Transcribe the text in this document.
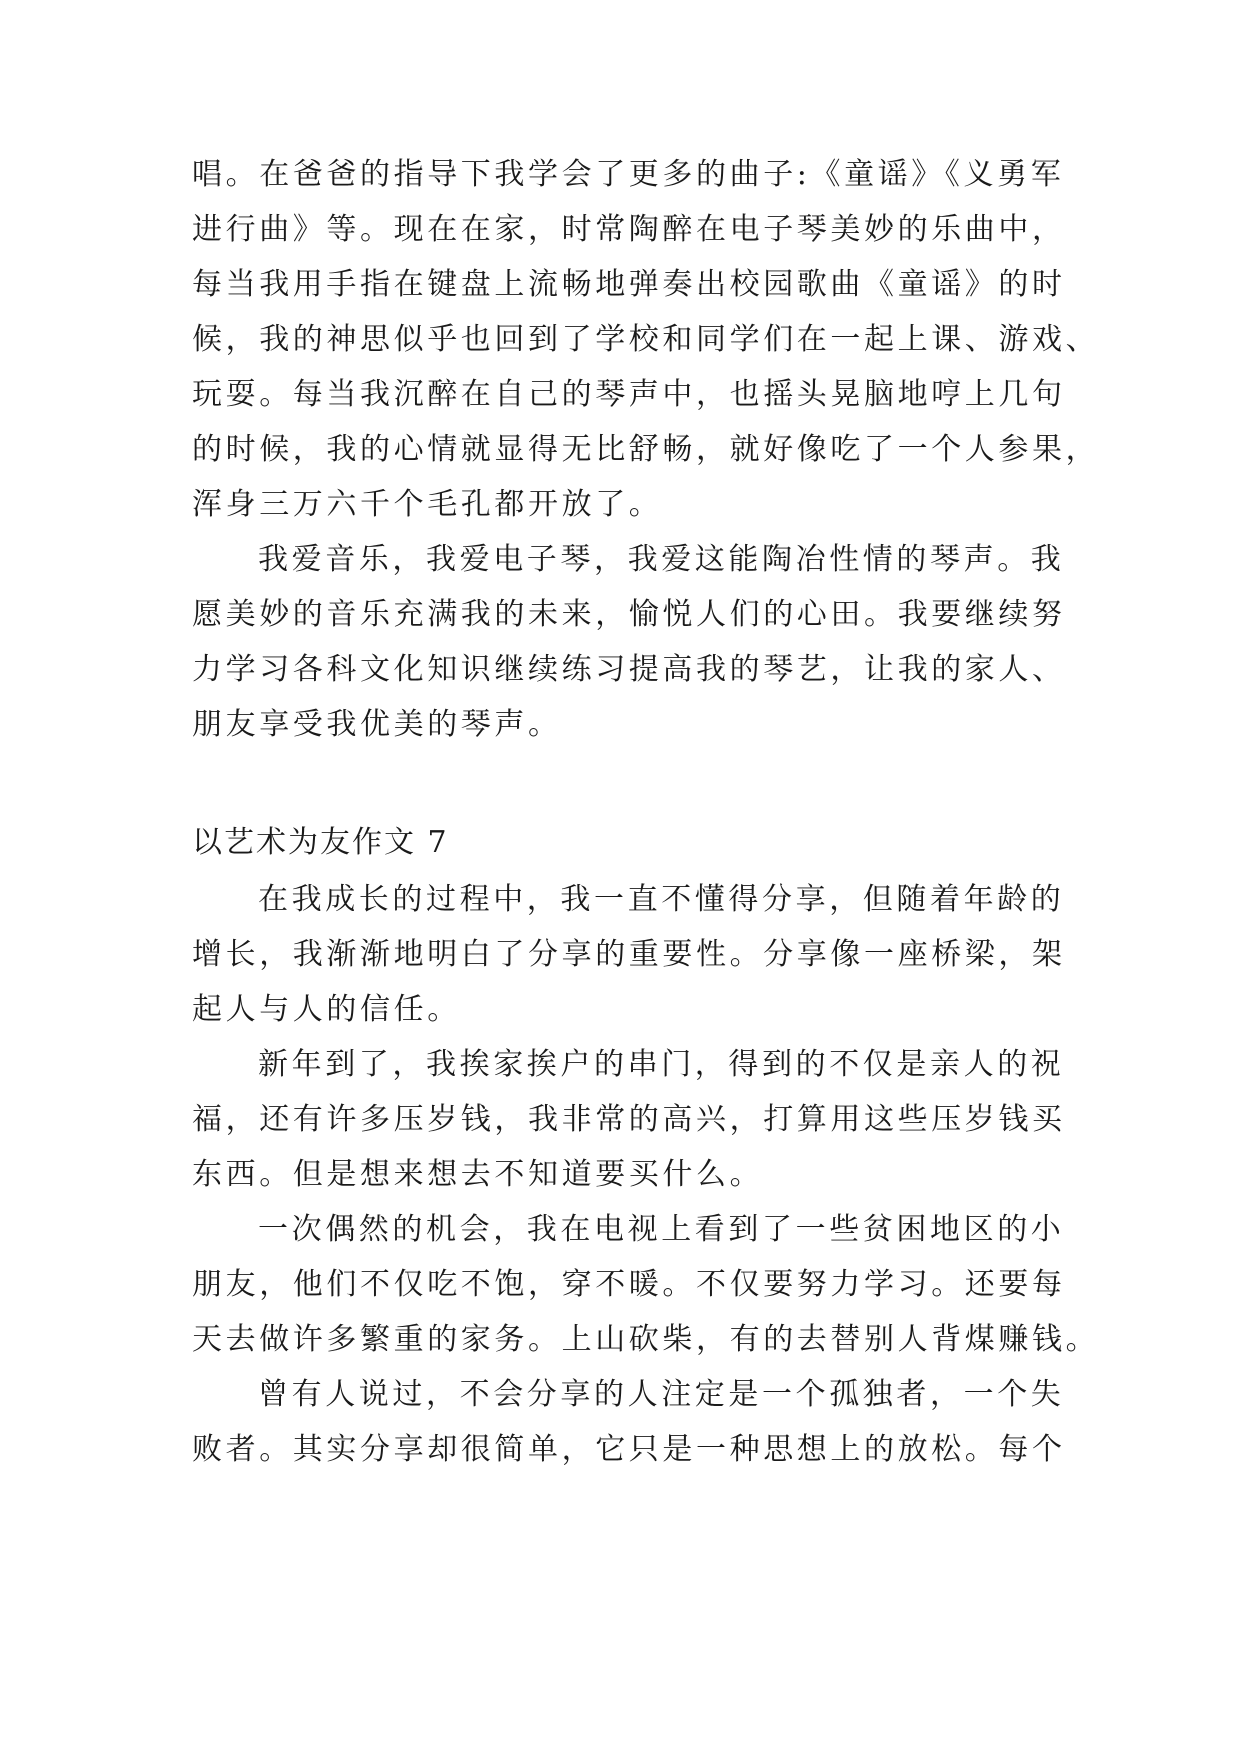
唱。在爸爸的指导下我学会了更多的曲子:《童谣》《义勇军
进行曲》等。现在在家，时常陶醉在电子琴美妙的乐曲中，
每当我用手指在键盘上流畅地弹奏出校园歌曲《童谣》的时
候，我的神思似乎也回到了学校和同学们在一起上课、游戏、
玩耍。每当我沉醉在自己的琴声中，也摇头晃脑地哼上几句
的时候，我的心情就显得无比舒畅，就好像吃了一个人参果，
浑身三万六千个毛孔都开放了。
我爱音乐，我爱电子琴，我爱这能陶冶性情的琴声。我
愿美妙的音乐充满我的未来，愉悦人们的心田。我要继续努
力学习各科文化知识继续练习提高我的琴艺，让我的家人、
朋友享受我优美的琴声。
以艺术为友作文 7
在我成长的过程中，我一直不懂得分享，但随着年龄的
增长，我渐渐地明白了分享的重要性。分享像一座桥梁，架
起人与人的信任。
新年到了，我挨家挨户的串门，得到的不仅是亲人的祝
福，还有许多压岁钱，我非常的高兴，打算用这些压岁钱买
东西。但是想来想去不知道要买什么。
一次偶然的机会，我在电视上看到了一些贫困地区的小
朋友，他们不仅吃不饱，穿不暖。不仅要努力学习。还要每
天去做许多繁重的家务。上山砍柴，有的去替别人背煤赚钱。
曾有人说过，不会分享的人注定是一个孤独者，一个失
败者。其实分享却很简单，它只是一种思想上的放松。每个
